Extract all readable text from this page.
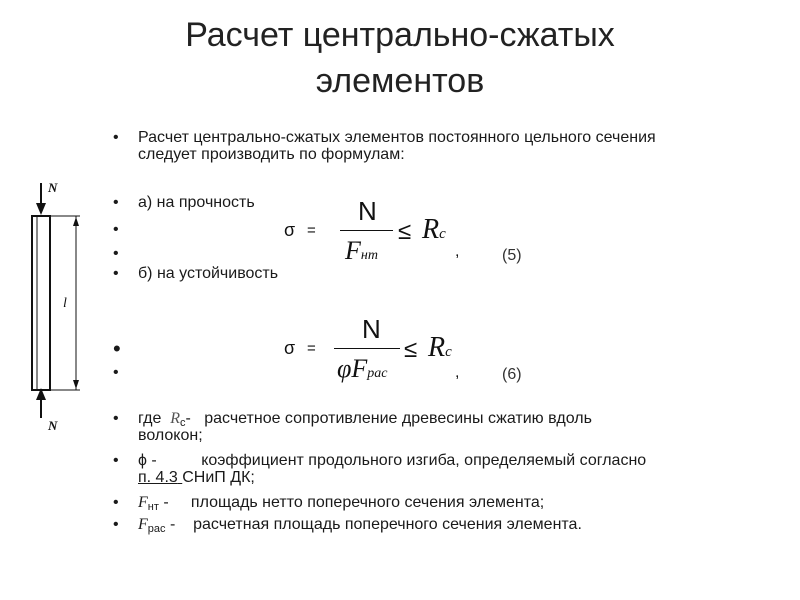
Расчет центрально-сжатых
элементов
N
N
l
• Расчет центрально-сжатых элементов постоянного цельного сечения
следует производить по формулам:
• а) на прочность
•
•
σ =
N
Fнт
≤ Rc
,	(5)
• б) на устойчивость
•
•
σ =
N
φFрас
≤ Rc
,	(6)
• где $R_c-$ расчетное сопротивление древесины сжатию вдоль
волокон;
• ϕ -	коэффициент продольного изгиба, определяемый согласно
п. 4.3 СНиП ДК;
• $F_{нт}$ - площадь нетто поперечного сечения элемента;
• $F_{рас}$ - расчетная площадь поперечного сечения элемента.
